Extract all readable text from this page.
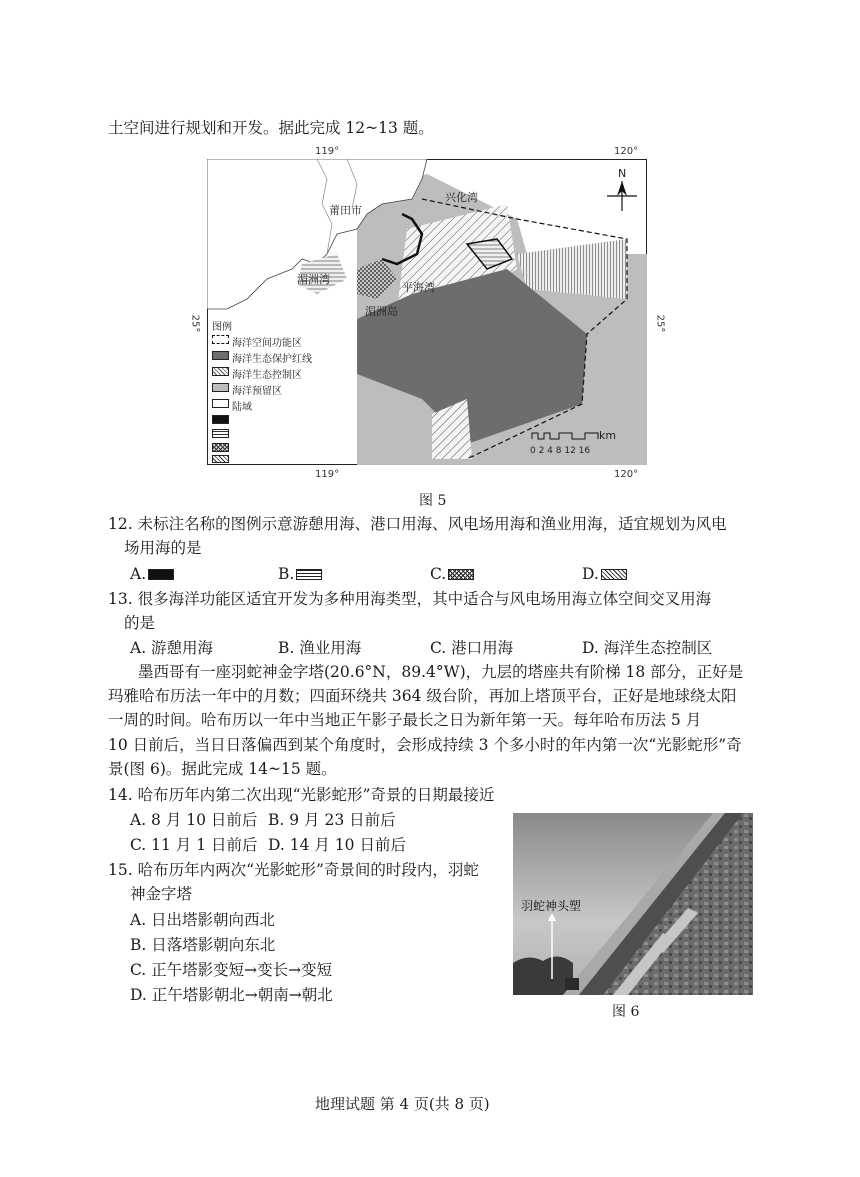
土空间进行规划和开发。据此完成 12~13 题。
119°	120°
119°	120°
25°	25°
兴化湾
莆田市
湄洲湾
平海湾
湄洲岛
N
km
0 2 4 8 12 16
图例
海洋空间功能区
海洋生态保护红线
海洋生态控制区
海洋预留区
陆域
图 5
12. 未标注名称的图例示意游憩用海、港口用海、风电场用海和渔业用海，适宜规划为风电
场用海的是
A.	B.	C.	D.
13. 很多海洋功能区适宜开发为多种用海类型，其中适合与风电场用海立体空间交叉用海
的是
A. 游憩用海	B. 渔业用海	C. 港口用海	D. 海洋生态控制区
墨西哥有一座羽蛇神金字塔(20.6°N，89.4°W)，九层的塔座共有阶梯 18 部分，正好是
玛雅哈布历法一年中的月数；四面环绕共 364 级台阶，再加上塔顶平台，正好是地球绕太阳
一周的时间。哈布历以一年中当地正午影子最长之日为新年第一天。每年哈布历法 5 月
10 日前后，当日日落偏西到某个角度时，会形成持续 3 个多小时的年内第一次“光影蛇形”奇
景(图 6)。据此完成 14~15 题。
14. 哈布历年内第二次出现“光影蛇形”奇景的日期最接近
A. 8 月 10 日前后 B. 9 月 23 日前后
C. 11 月 1 日前后 D. 14 月 10 日前后
15. 哈布历年内两次“光影蛇形”奇景间的时段内，羽蛇
神金字塔
A. 日出塔影朝向西北
B. 日落塔影朝向东北
C. 正午塔影变短→变长→变短
D. 正午塔影朝北→朝南→朝北
羽蛇神头塑
图 6
地理试题 第 4 页(共 8 页)
